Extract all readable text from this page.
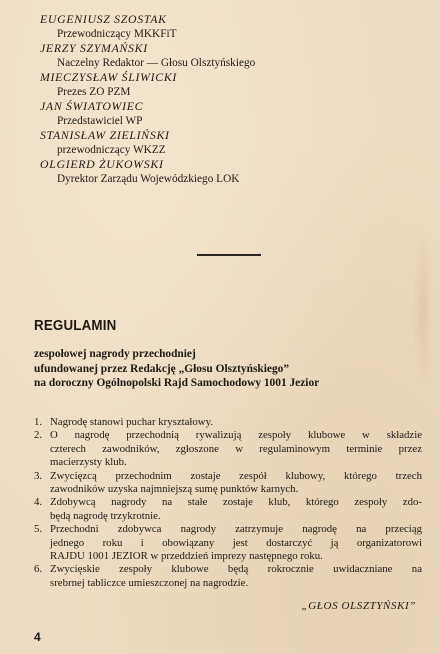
EUGENIUSZ SZOSTAK
Przewodniczący MKKFiT
JERZY SZYMAŃSKI
Naczelny Redaktor — Głosu Olsztyńskiego
MIECZYSŁAW ŚLIWICKI
Prezes ZO PZM
JAN ŚWIATOWIEC
Przedstawiciel WP
STANISŁAW ZIELIŃSKI
przewodniczący WKZZ
OLGIERD ŻUKOWSKI
Dyrektor Zarządu Wojewódzkiego LOK
REGULAMIN
zespołowej nagrody przechodniej
ufundowanej przez Redakcję „Głosu Olsztyńskiego”
na doroczny Ogólnopolski Rajd Samochodowy 1001 Jezior
1. Nagrodę stanowi puchar kryształowy.
2. O nagrodę przechodnią rywalizują zespoły klubowe w składzie
czterech zawodników, zgłoszone w regulaminowym terminie przez
macierzysty klub.
3. Zwycięzcą przechodnim zostaje zespół klubowy, którego trzech
zawodników uzyska najmniejszą sumę punktów karnych.
4. Zdobywcą nagrody na stałe zostaje klub, którego zespoły zdo-
będą nagrodę trzykrotnie.
5. Przechodni zdobywca nagrody zatrzymuje nagrodę na przeciąg
jednego roku i obowiązany jest dostarczyć ją organizatorowi
RAJDU 1001 JEZIOR w przeddzień imprezy następnego roku.
6. Zwycięskie zespoły klubowe będą rokrocznie uwidaczniane na
srebrnej tabliczce umieszczonej na nagrodzie.
„GŁOS OLSZTYŃSKI”
4
